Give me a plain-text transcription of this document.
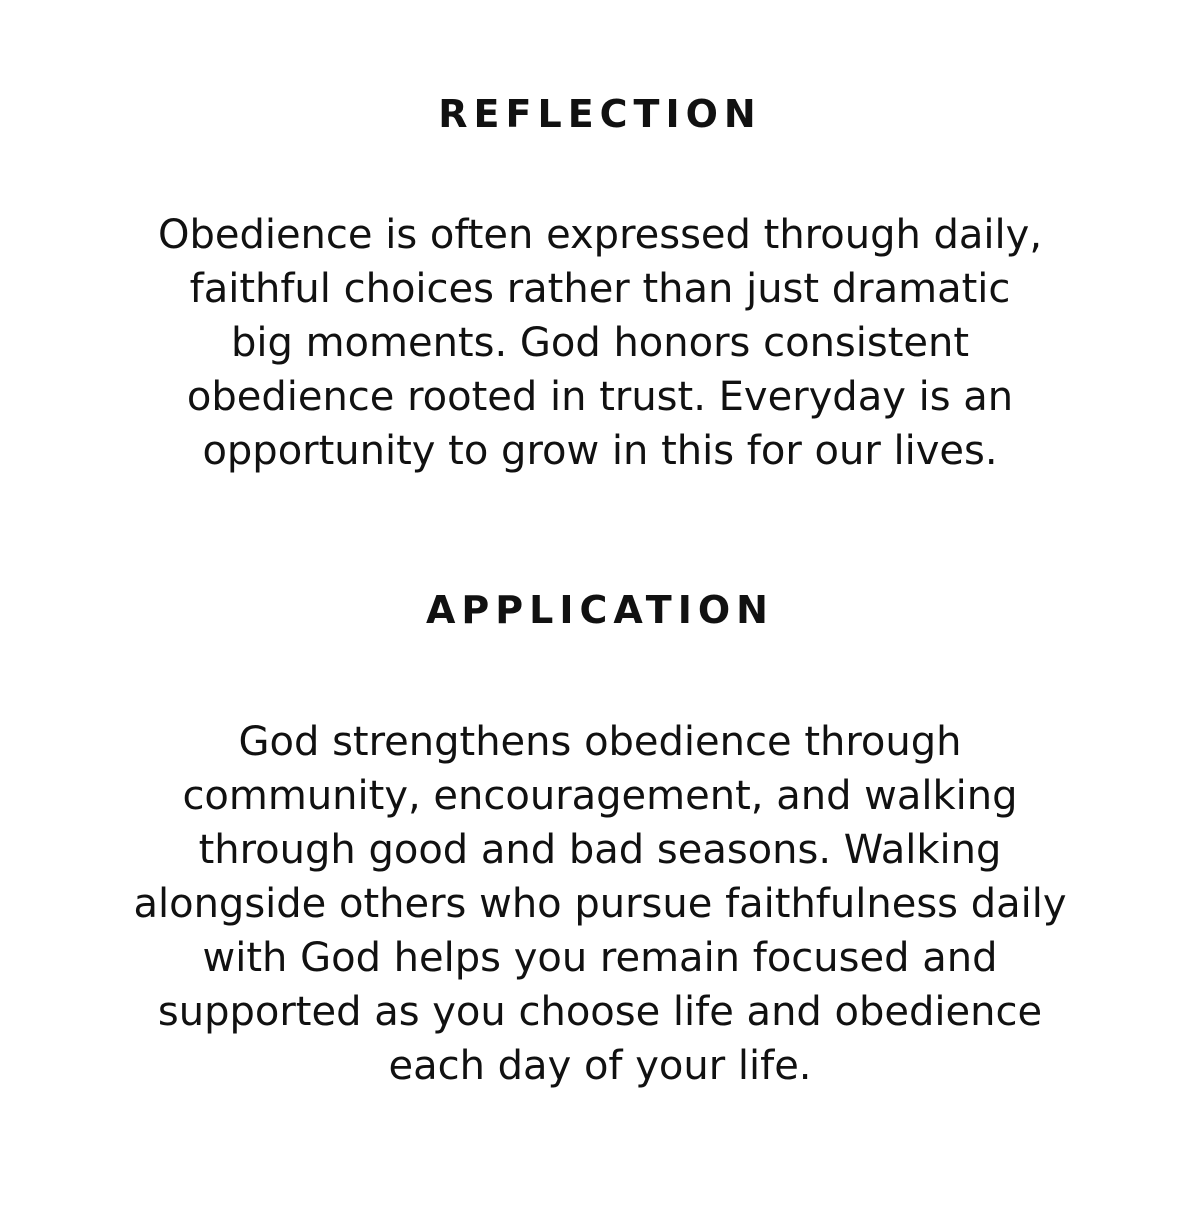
REFLECTION

Obedience is often expressed through daily,
faithful choices rather than just dramatic
big moments. God honors consistent
obedience rooted in trust. Everyday is an
opportunity to grow in this for our lives.

APPLICATION

God strengthens obedience through
community, encouragement, and walking
through good and bad seasons. Walking
alongside others who pursue faithfulness daily
with God helps you remain focused and
supported as you choose life and obedience
each day of your life.
